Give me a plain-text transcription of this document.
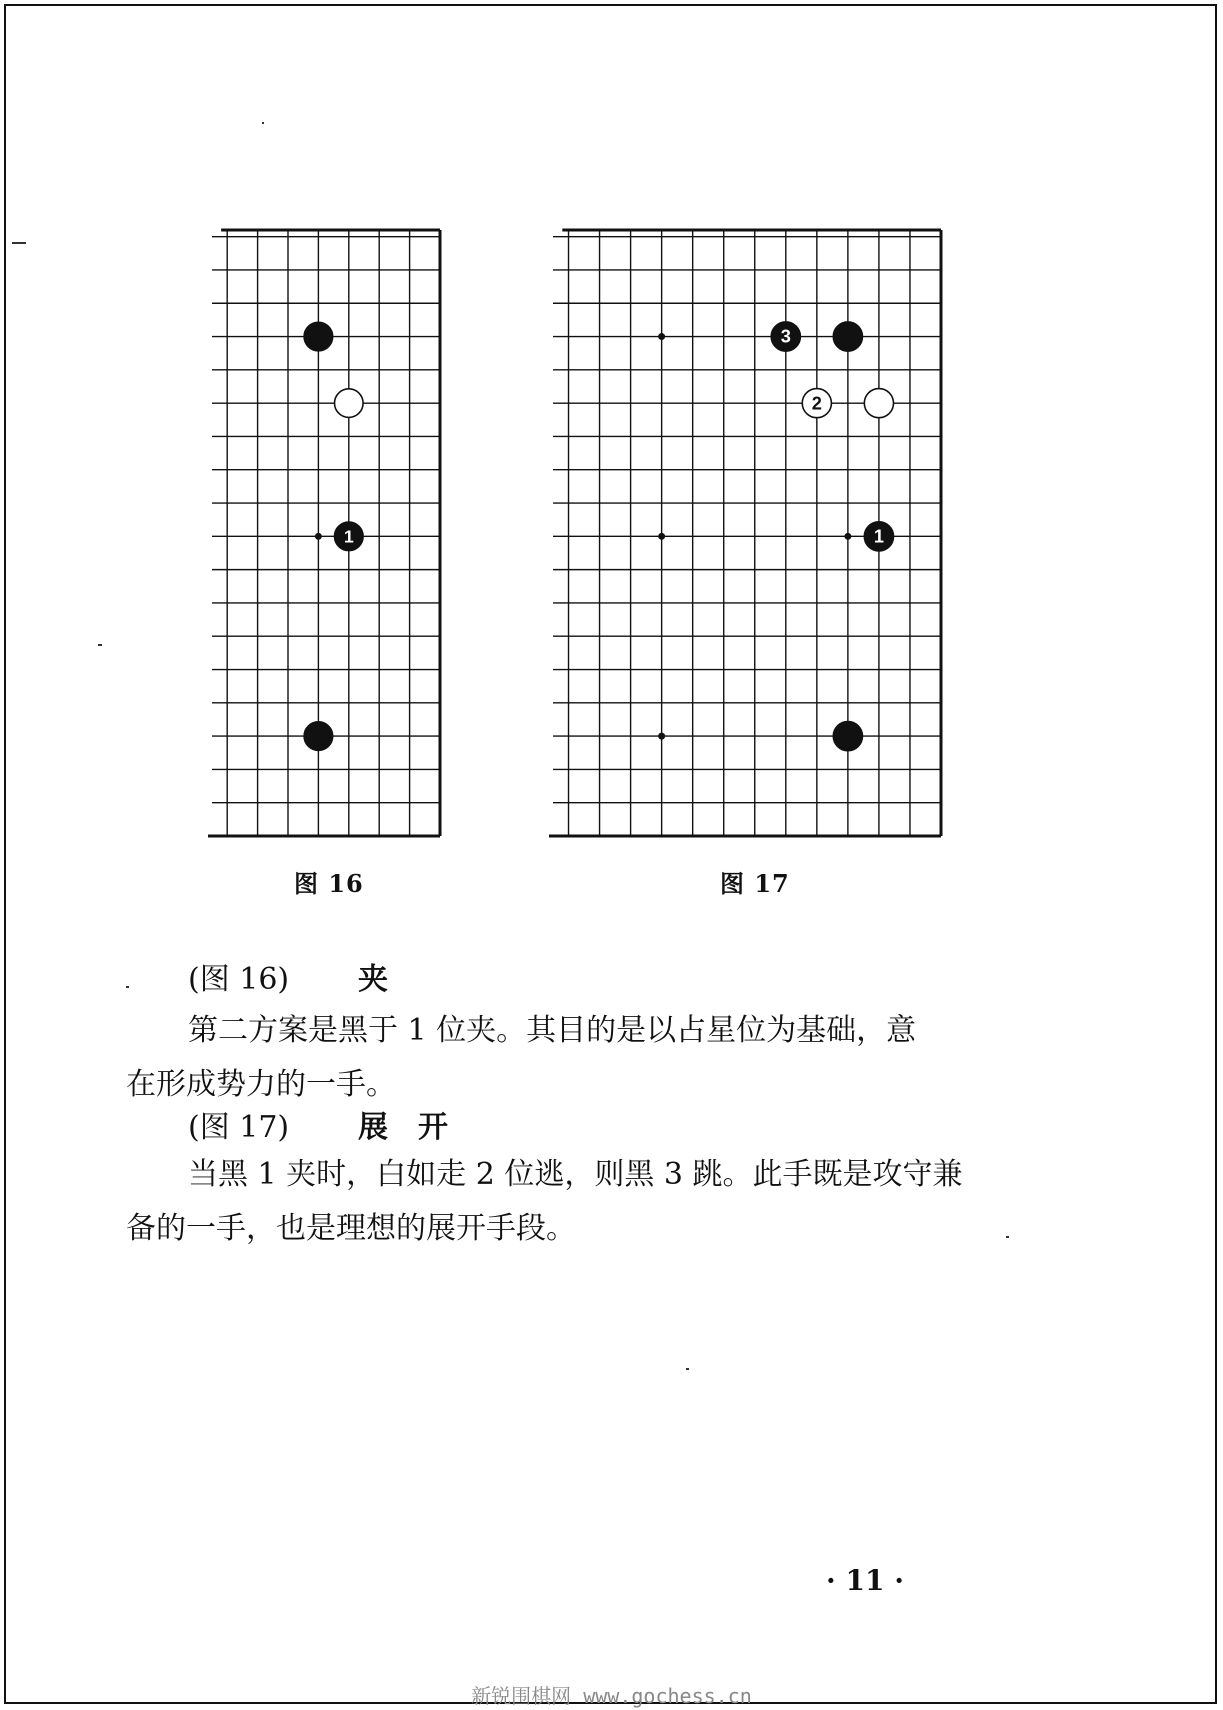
1
图 16
3
2
1
图 17
(图 16) 夹
第二方案是黑于 1 位夹。其目的是以占星位为基础，意
在形成势力的一手。
(图 17) 展　开
当黑 1 夹时，白如走 2 位逃，则黑 3 跳。此手既是攻守兼
备的一手，也是理想的展开手段。
· 11 ·
新锐围棋网 www.gochess.cn
